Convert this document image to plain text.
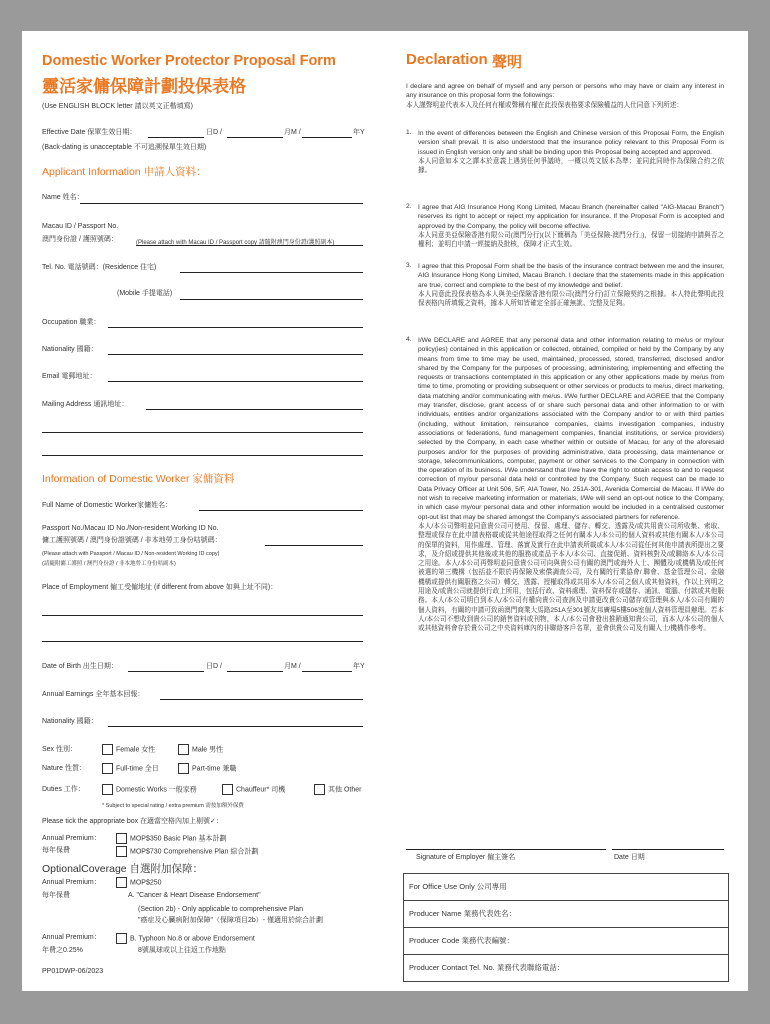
Domestic Worker Protector Proposal Form
靈活家傭保障計劃投保表格
(Use ENGLISH BLOCK letter 請以英文正楷填寫)
Effective Date 保單生效日期：	日D /	月M /	年Y
(Back-dating is unacceptable 不可追溯保單生效日期)
Applicant Information 申請人資料：
Name 姓名：
Macau ID / Passport No.
澳門身份證 / 護照號碼：	(Please attach with Macau ID / Passport copy 請隨附澳門身份證/護照副本)
Tel. No. 電話號碼：(Residence 住宅)
(Mobile 手提電話)
Occupation 職業：
Nationality 國籍：
Email 電郵地址：
Mailing Address 通訊地址：
Information of Domestic Worker 家傭資料
Full Name of Domestic Worker家傭姓名：
Passport No./Macau ID No./Non-resident Working ID No.
傭工護照號碼 / 澳門身份證號碼 / 非本地勞工身份咭號碼：
(Please attach with Passport / Macau ID / Non-resident Working ID copy)
(請隨附傭工護照 / 澳門身份證 / 非本地勞工身份咭副本)
Place of Employment 僱工受僱地址 (if different from above 如與上址不同)：
Date of Birth 出生日期：	日D /	月M /	年Y
Annual Earnings 全年基本回報：
Nationality 國籍：
Sex 性別：	Female 女性	Male 男性
Nature 性質：	Full-time 全日	Part-time 兼職
Duties 工作：	Domestic Works 一般家務	Chauffeur* 司機	其他 Other
* Subject to special rating / extra premium 需按加額外保費
Please tick the appropriate box 在適當空格內加上剔號✓：
Annual Premium：
每年保費
MOP$350 Basic Plan 基本計劃
MOP$730 Comprehensive Plan 綜合計劃
OptionalCoverage 自選附加保障：
Annual Premium：
每年保費
MOP$250
A. "Cancer & Heart Disease Endorsement"
(Section 2b) - Only applicable to comprehensive Plan
"癌症及心臟病附加保障"（保障項目2b）- 僅適用於綜合計劃
Annual Premium：
年費之0.25%
B. Typhoon No.8 or above Endorsement
8號風球或以上往返工作地點
PP01DWP-06/2023
Declaration 聲明

I declare and agree on behalf of myself and any person or persons who may have or claim any interest in any insurance on this proposal form the followings：

本人謹聲明並代表本人及任何有權或聲稱有權在此投保表格要求保險權益的人仕同意下列所述：

1. In the event of differences between the English and Chinese version of this Proposal Form, the English version shall prevail. It is also understood that the insurance policy relevant to this Proposal Form is issued in English version only and shall be binding upon this Proposal being accepted and approved.

本人同意如本文之譯本於意義上遇到任何爭議時，一概以英文版本為準；並同此同時作為保險合約之依據。

2. I agree that AIG Insurance Hong Kong Limited, Macau Branch (hereinafter called "AIG-Macau Branch") reserves its right to accept or reject my application for insurance. If the Proposal Form is accepted and approved by the Company, the policy will become effective.

本人同意美亞保險香港有限公司(澳門分行)(以下簡稱為「美亞保險-澳門分行」)，保留一切接納申請與否之權利；並明白申請一經接納及批核，保障才正式生效。

3. I agree that this Proposal Form shall be the basis of the insurance contract between me and the insurer, AIG Insurance Hong Kong Limited, Macau Branch. I declare that the statements made in this application are true, correct and complete to the best of my knowledge and belief.

本人同意此投保表格為本人與美亞保險香港有限公司(澳門分行)訂立保險契約之根據。本人特此聲明此投保表格內所填報之資料，據本人所知皆確定全部正確無訛、完整及足夠。

4. I/We DECLARE and AGREE that any personal data and other information relating to me/us or my/our policy(ies) contained in this application or collected, obtained, compiled or held by the Company by any means from time to time may be used, maintained, processed, stored, transferred, disclosed and/or shared by the Company for the purposes of processing, administering, implementing and effecting the requests or transactions contemplated in this application or any other applications made by me/us from time to time, promoting or providing subsequent or other services or products to me/us, direct marketing, data matching and/or communicating with me/us. I/We further DECLARE and AGREE that the Company may transfer, disclose, grant access of or share such personal data and other information to or with individuals, entities and/or organizations associated with the Company and/or to or with third parties (including, without limitation, reinsurance companies, claims investigation companies, industry associations or federations, fund management companies, financial institutions, or service providers) selected by the Company, in each case whether within or outside of Macau, for any of the aforesaid purposes and/or for the purposes of providing administrative, data processing, data maintenance or storage, telecommunications, computer, payment or other services to the Company in connection with the operation of its business. I/We understand that I/we have the right to obtain access to and to request correction of my/our personal data held or controlled by the Company. Such request can be made to Data Privacy Officer at Unit 506, 5/F, AIA Tower, No. 251A-301, Avenida Comercial de Macau. If I/We do not wish to receive marketing information or materials, I/We will send an opt-out notice to the Company, in which case my/our personal data and other information would be included in a centralised customer opt-out list that may be shared amongst the Company's associated partners for reference.

本人/本公司聲明並同意貴公司可使用、保留、處理、儲存、轉交、透露及/或共用貴公司所收集、索取、整理或保存在此申請表格載或從其他途徑取得之任何有關本人/本公司的個人資料或其他有關本人/本公司的保單的資料，用作處理、管理、落實及實行在此申請表所載或本人/本公司從任何其他申請表所提出之要求，及介紹或提供其他後或其他的服務或產品予本人/本公司、直接促銷、資料核對及/或聯絡本人/本公司之用途。本人/本公司再聲明並同意貴公司可向與貴公司有關的澳門或海外人士、團體及/或機構及/或任何被選的第三機構（包括並不限於再保險及索償調查公司，及有關的行業協會/ 聯會、基金管理公司、金融機構或提供有關服務之公司）轉交、透露、授權取得或共用本人/本公司之個人或其他資料，作以上列明之用途及/或貴公司就提供行政上所用，包括行政、資料處理、資料保存或儲存、通訊、電腦、付款或其他服務。本人/本公司明白到本人/本公司有權向貴公司查詢及申請更改貴公司儲存或管理與本人/本公司有關的個人資料，有關的申請可致函澳門商業大馬路251A至301號友邦廣場5樓506室個人資料管理員辦理。若本人/本公司不想收到貴公司的銷售資料或刊物，本人/本公司會發出推銷通知貴公司，而本人/本公司的個人或其他資料會存於貴公司之中央資料庫內的非聯絡客戶名單，並會供貴公司及有關人士/機構作參考。

Signature of Employer 僱主簽名	Date 日期
For Office Use Only 公司專用
Producer Name 業務代表姓名：
Producer Code 業務代表編號：
Producer Contact Tel. No. 業務代表聯絡電話：
